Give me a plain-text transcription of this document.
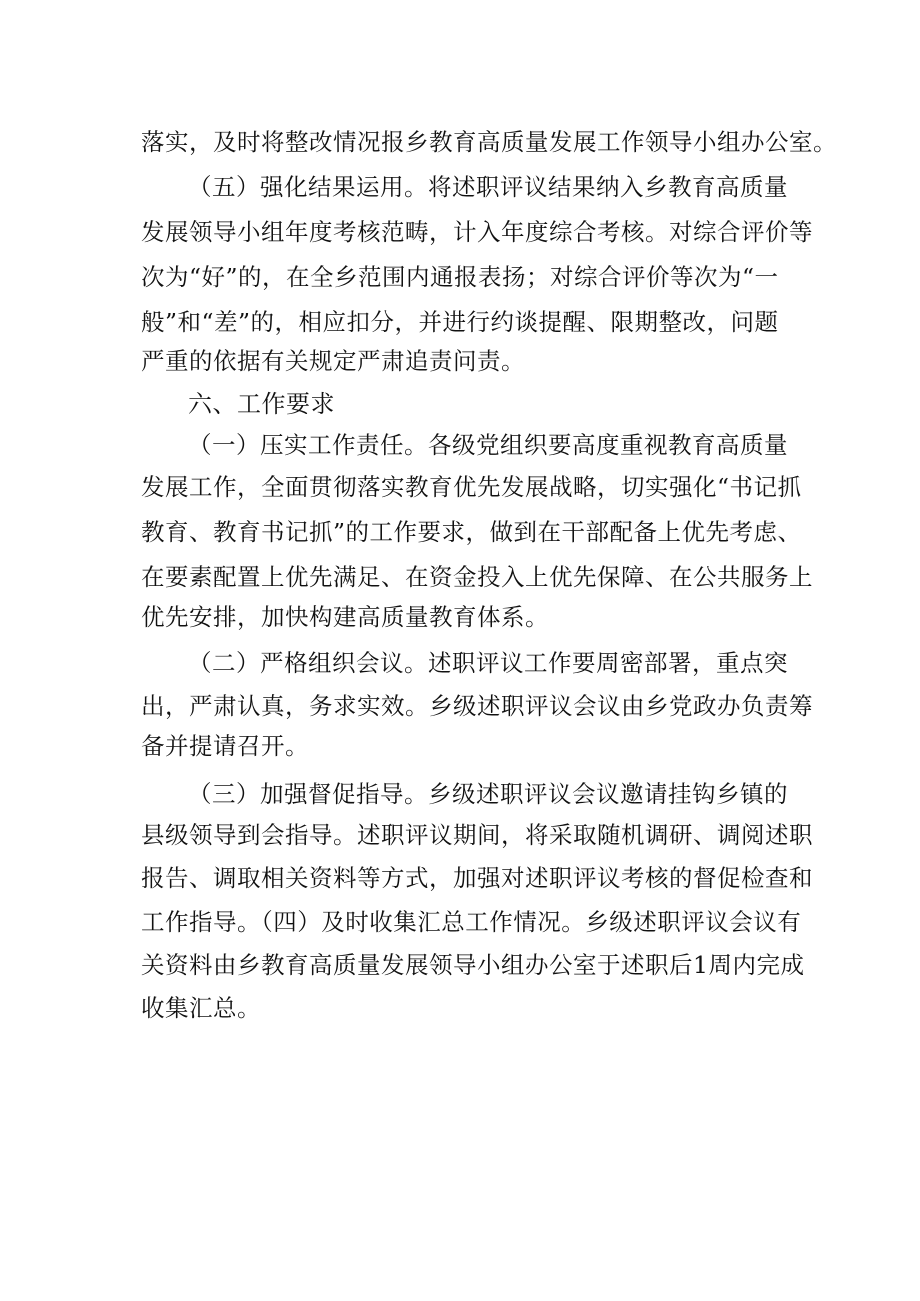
落实，及时将整改情况报乡教育高质量发展工作领导小组办公室。
（五）强化结果运用。将述职评议结果纳入乡教育高质量
发展领导小组年度考核范畴，计入年度综合考核。对综合评价等
次为“好”的，在全乡范围内通报表扬；对综合评价等次为“一
般”和“差”的，相应扣分，并进行约谈提醒、限期整改，问题
严重的依据有关规定严肃追责问责。
六、工作要求
（一）压实工作责任。各级党组织要高度重视教育高质量
发展工作，全面贯彻落实教育优先发展战略，切实强化“书记抓
教育、教育书记抓”的工作要求，做到在干部配备上优先考虑、
在要素配置上优先满足、在资金投入上优先保障、在公共服务上
优先安排，加快构建高质量教育体系。
（二）严格组织会议。述职评议工作要周密部署，重点突
出，严肃认真，务求实效。乡级述职评议会议由乡党政办负责筹
备并提请召开。
（三）加强督促指导。乡级述职评议会议邀请挂钩乡镇的
县级领导到会指导。述职评议期间，将采取随机调研、调阅述职
报告、调取相关资料等方式，加强对述职评议考核的督促检查和
工作指导。（四）及时收集汇总工作情况。乡级述职评议会议有
关资料由乡教育高质量发展领导小组办公室于述职后1周内完成
收集汇总。
